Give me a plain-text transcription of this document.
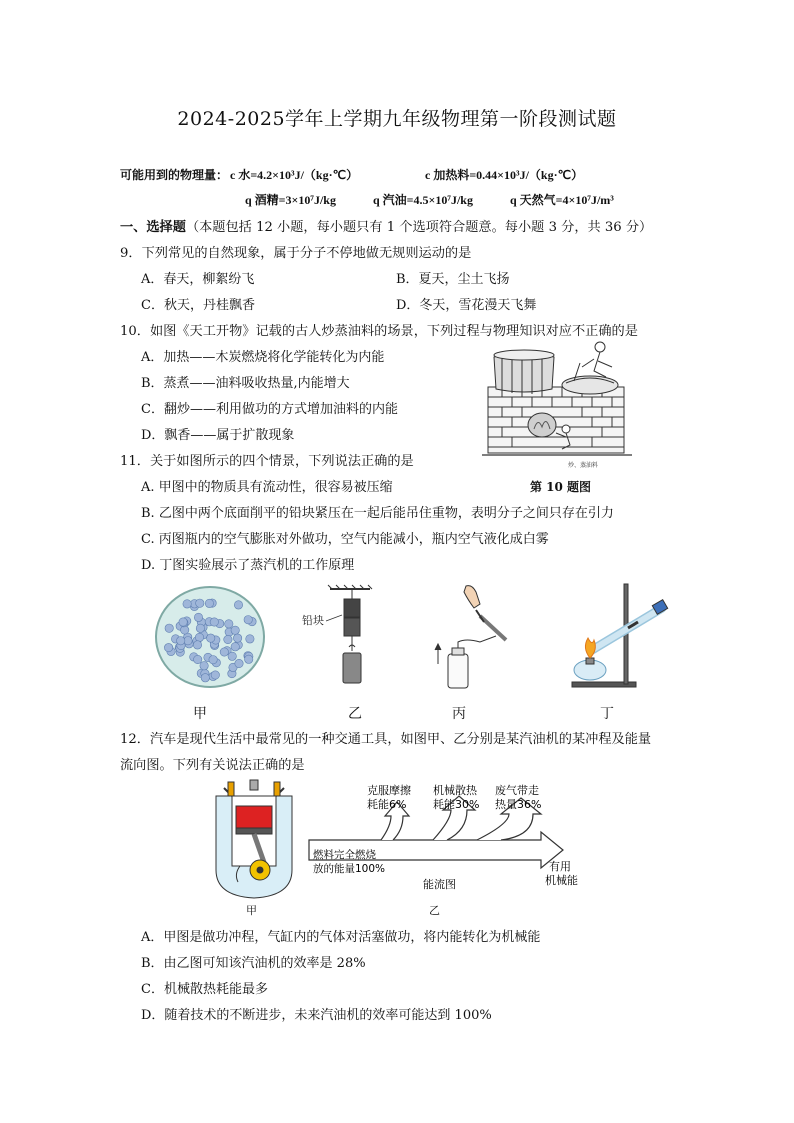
2024-2025学年上学期九年级物理第一阶段测试题
可能用到的物理量： c 水=4.2×10³J/（kg·℃）	c 加热料=0.44×10³J/（kg·℃）
q 酒精=3×10⁷J/kg	q 汽油=4.5×10⁷J/kg	q 天然气=4×10⁷J/m³
一、选择题（本题包括 12 小题，每小题只有 1 个选项符合题意。每小题 3 分，共 36 分）
9．下列常见的自然现象，属于分子不停地做无规则运动的是
A．春天，柳絮纷飞	B．夏天，尘土飞扬
C．秋天，丹桂飘香	D．冬天，雪花漫天飞舞
10．如图《天工开物》记载的古人炒蒸油料的场景，下列过程与物理知识对应不正确的是
A．加热——木炭燃烧将化学能转化为内能
B．蒸煮——油料吸收热量,内能增大
C．翻炒——利用做功的方式增加油料的内能
D．飘香——属于扩散现象
炒、蒸油料
第 10 题图
11．关于如图所示的四个情景，下列说法正确的是
A. 甲图中的物质具有流动性，很容易被压缩
B. 乙图中两个底面削平的铅块紧压在一起后能吊住重物，表明分子之间只存在引力
C. 丙图瓶内的空气膨胀对外做功，空气内能减小，瓶内空气液化成白雾
D. 丁图实验展示了蒸汽机的工作原理
铅块
甲	乙	丙	丁
12．汽车是现代生活中最常见的一种交通工具，如图甲、乙分别是某汽油机的某冲程及能量
流向图。下列有关说法正确的是
甲
克服摩擦
耗能6%
机械散热
耗能30%
废气带走
热量36%
燃料完全燃烧
放的能量100%	有用
机械能
能流图
乙
A．甲图是做功冲程，气缸内的气体对活塞做功，将内能转化为机械能
B．由乙图可知该汽油机的效率是 28%
C．机械散热耗能最多
D．随着技术的不断进步，未来汽油机的效率可能达到 100%
